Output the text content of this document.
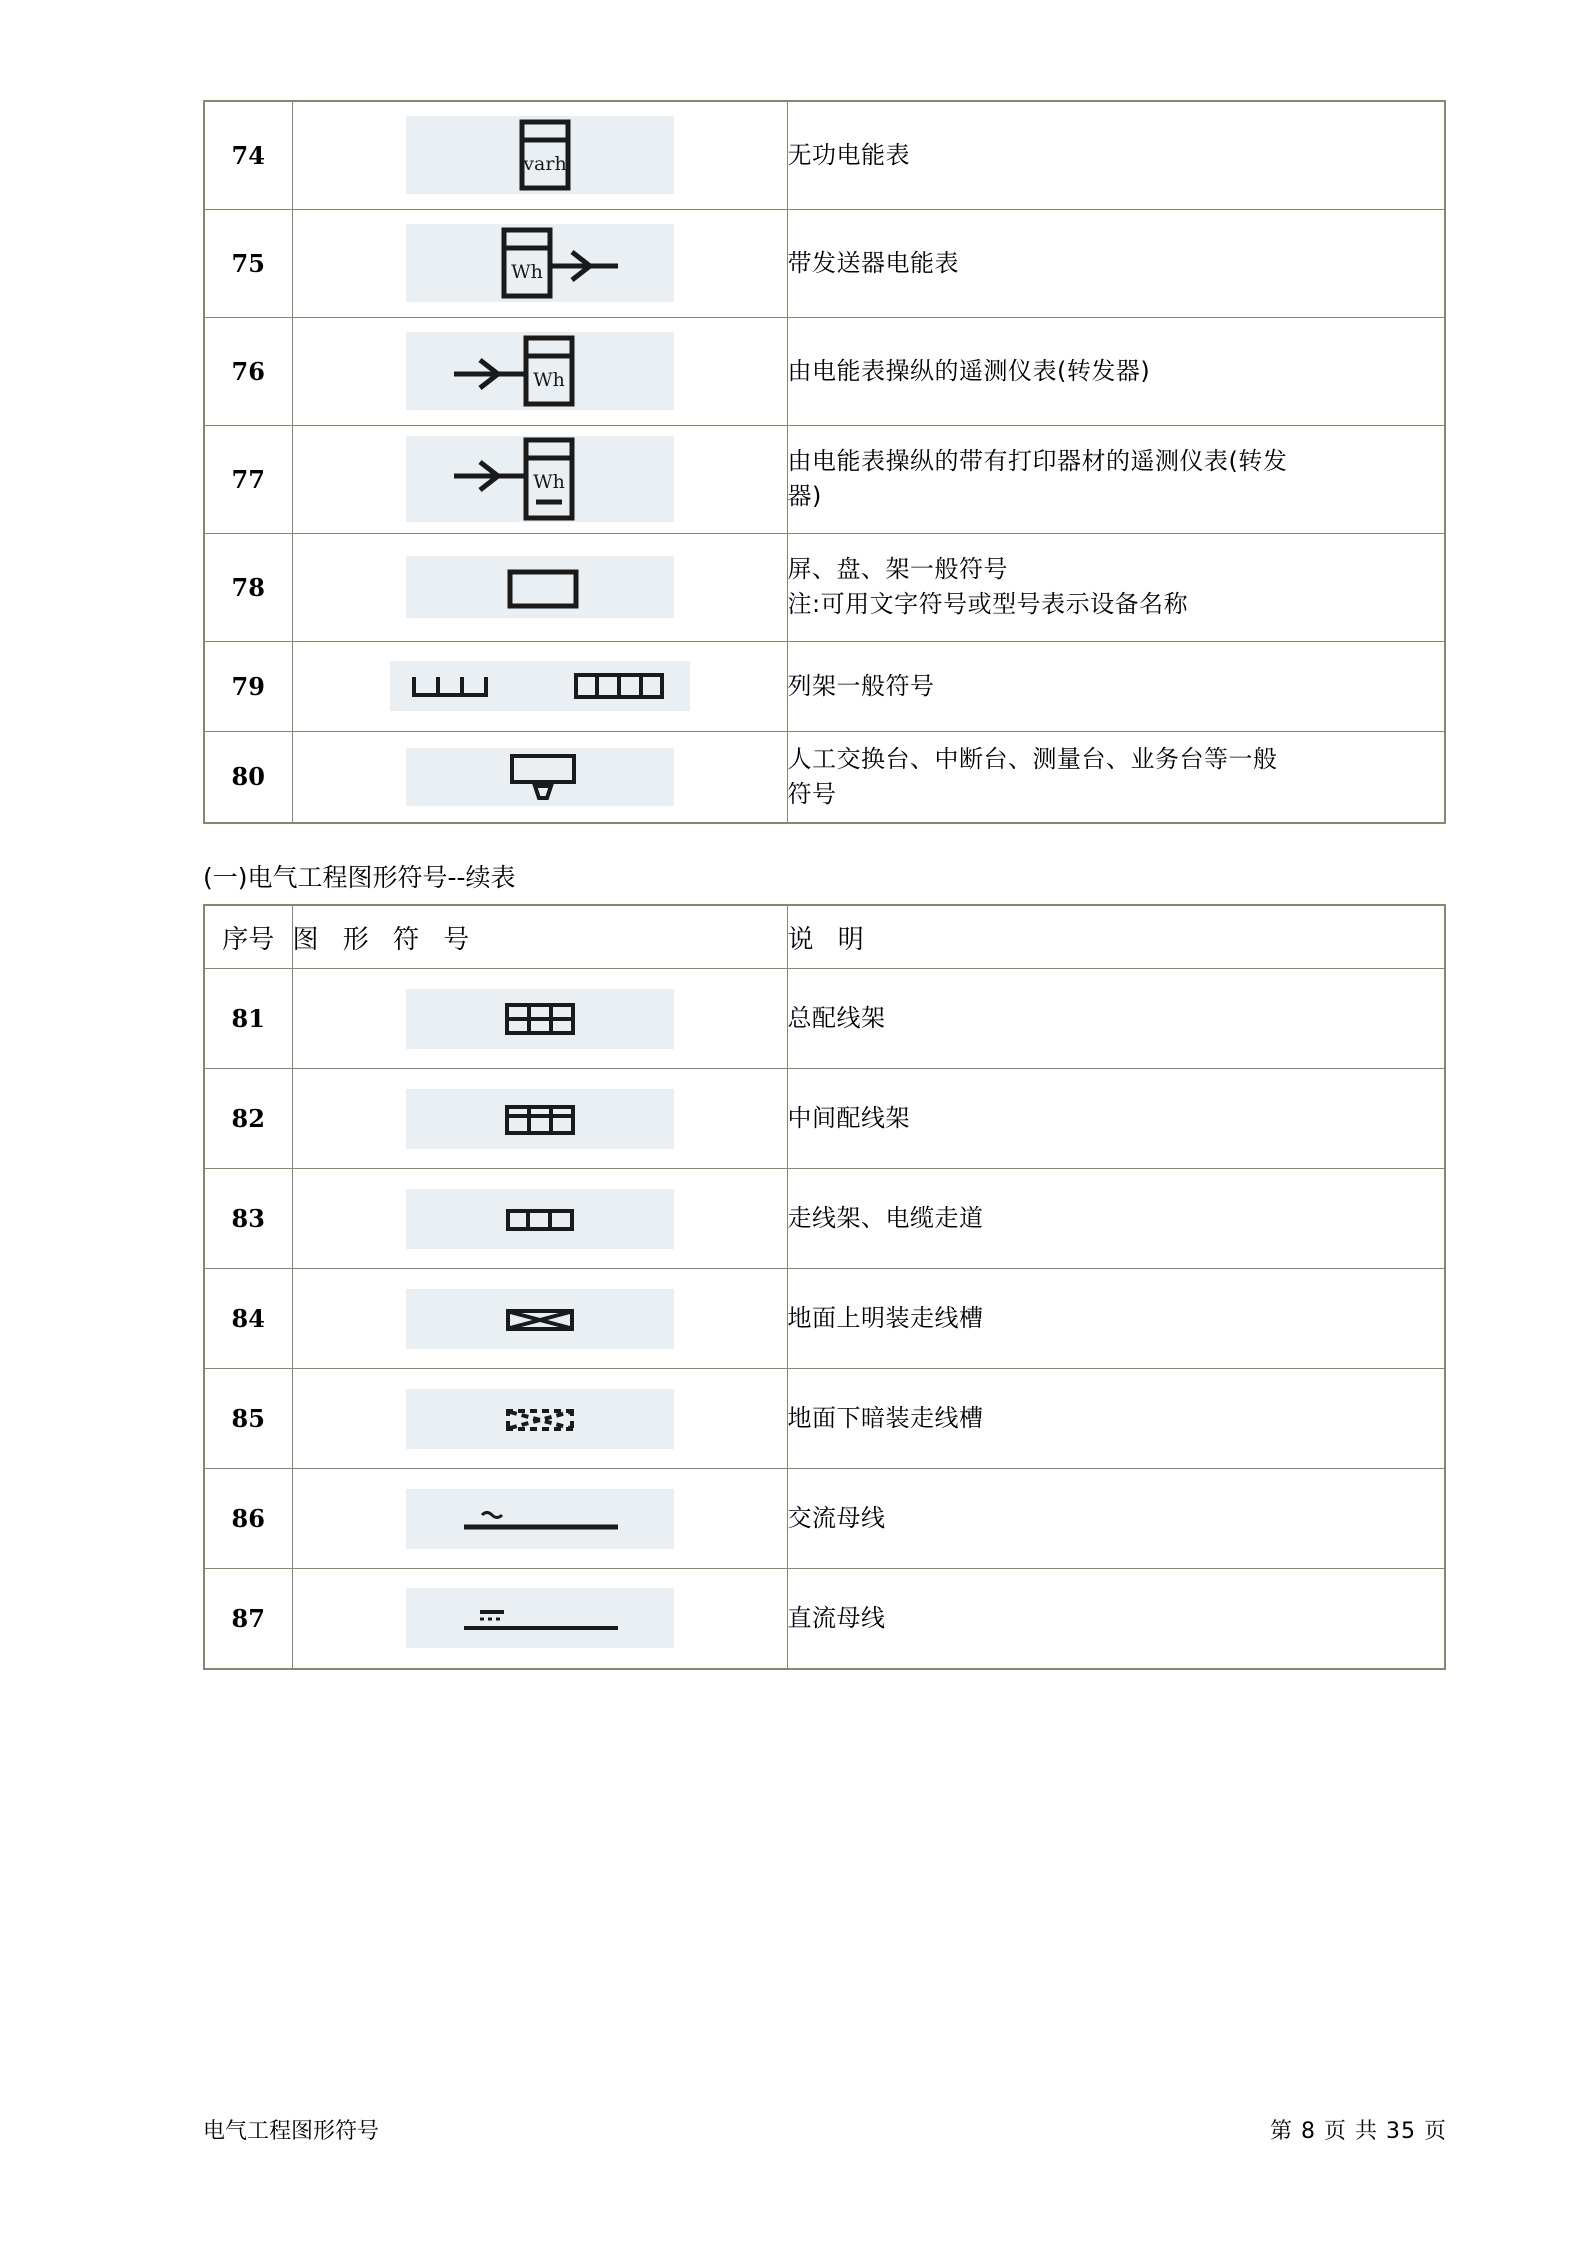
74	varh	无功电能表
75	Wh	带发送器电能表
76	Wh	由电能表操纵的遥测仪表(转发器)
77	Wh	由电能表操纵的带有打印器材的遥测仪表(转发
器)

78		屏、盘、架一般符号
注:可用文字符号或型号表示设备名称

79		列架一般符号
80		人工交换台、中断台、测量台、业务台等一般
符号
(一)电气工程图形符号--续表
序号	图 形 符 号	说 明
81		总配线架
82		中间配线架
83		走线架、电缆走道
84		地面上明装走线槽
85		地面下暗装走线槽
86		交流母线
87		直流母线
电气工程图形符号	第 8 页 共 35 页
